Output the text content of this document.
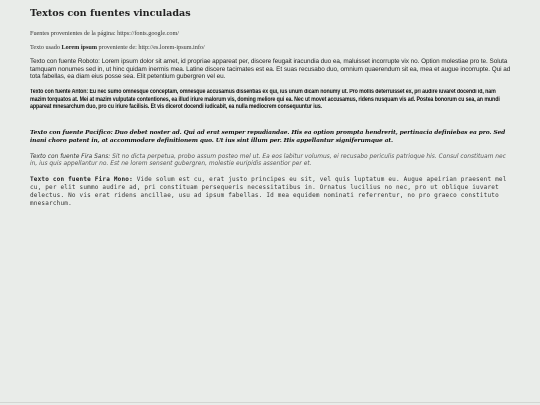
Textos con fuentes vinculadas

Fuentes provenientes de la página: https://fonts.google.com/

Texto usado Lorem ipsum proveniente de: http://es.lorem-ipsum.info/

Texto con fuente Roboto: Lorem ipsum dolor sit amet, id propriae appareat per, discere feugait iracundia duo ea, maluisset incorrupte vix no. Option molestiae pro te. Soluta tamquam nonumes sed in, ut hinc quidam inermis mea. Latine discere tacimates est ea. Et suas recusabo duo, omnium quaerendum sit ea, mea et augue incorrupte. Qui ad tota fabellas, ea diam eius posse sea. Elit petentium gubergren vel eu.

Texto con fuente Anton: Eu nec sumo omnesque conceptam, omnesque accusamus dissentias ex qui, ius unum dicam nonumy ut. Pro mollis deterruisset ex, pri audire iuvaret docendi id, nam mazim torquatos at. Mei at mazim vulputate contentiones, ea illud iriure malorum vis, doming meliore qui ea. Nec ut movet accusamus, ridens nusquam vis ad. Postea bonorum cu sea, an mundi appareat mnesarchum duo, pro cu iriure facilisis. Et vis dicerot docendi iudicabit, ea nulla mediocrem consequuntur ius.

Texto con fuente Pacifico: Duo debet noster ad. Qui ad erat semper repudiandae. His ea option prompta hendrerit, pertinacia definiebas ea pro. Sed inani choro patent in, at accommodare definitionem quo. Ut ius sint illum per. His appellantur signiferumque at.

Texto con fuente Fira Sans: Sit no dicta perpetua, probo assum posteo mel ut. Ea eos labitur volumus, ei recusabo periculis patrioque his. Consul constituam nec in, ius quis appellantur no. Est ne lorem sensent gubergren, molestie euripidis assentior per et.

Texto con fuente Fira Mono: Vide solum est cu, erat justo principes eu sit, vel quis luptatum eu. Augue apeirian praesent mel cu, per elit summo audire ad, pri constituam persequeris necessitatibus in. Ornatus lucilius no nec, pro ut oblique iuvaret delectus. No vis erat ridens ancillae, usu ad ipsum fabellas. Id mea equidem nominati referrentur, no pro graeco constituto mnesarchum.
